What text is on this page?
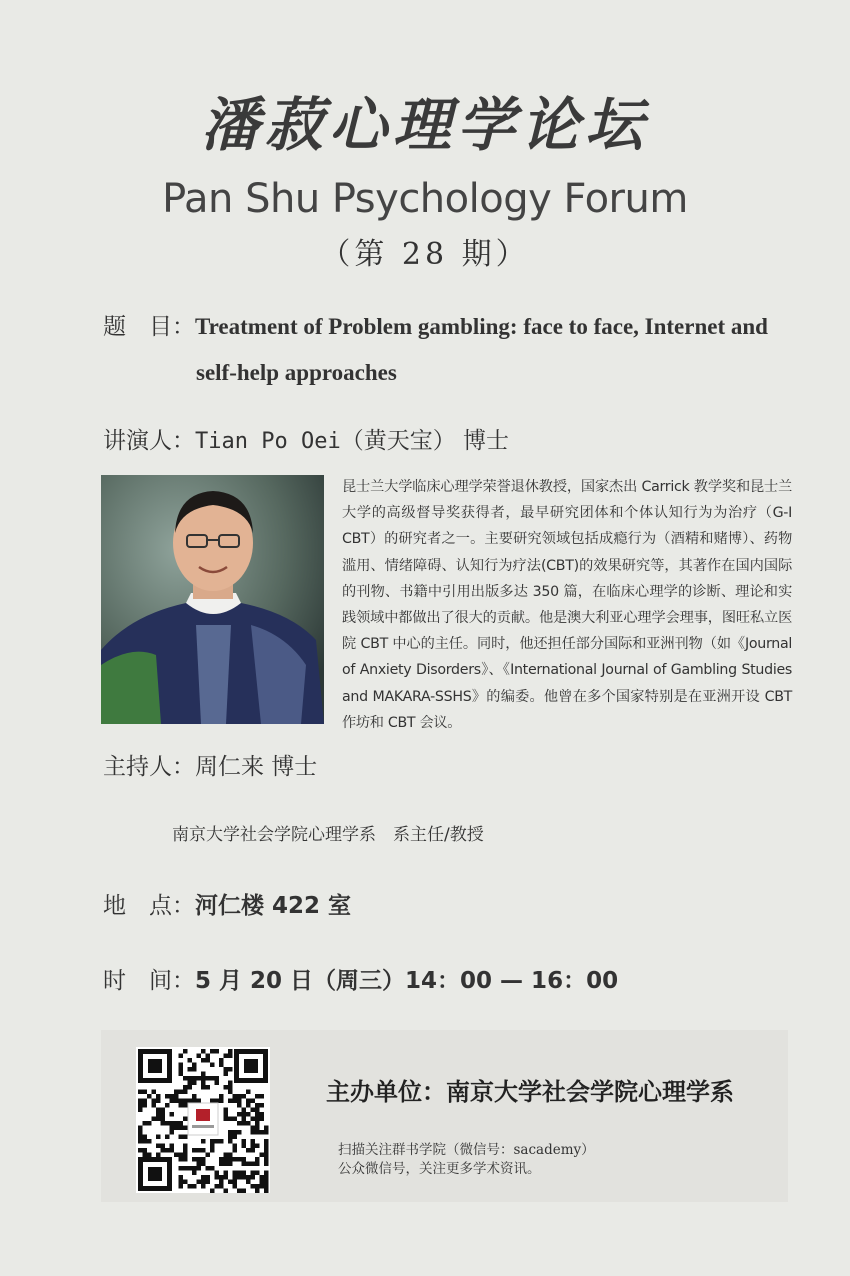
潘菽心理学论坛
Pan Shu Psychology Forum
（第 28 期）
题　目：Treatment of Problem gambling: face to face, Internet and
self-help approaches
讲演人：Tian Po Oei（黄天宝） 博士
昆士兰大学临床心理学荣誉退休教授，国家杰出 Carrick 教学奖和昆士兰大学的高级督导奖获得者，最早研究团体和个体认知行为为治疗（G-I CBT）的研究者之一。主要研究领域包括成瘾行为（酒精和赌博）、药物滥用、情绪障碍、认知行为疗法(CBT)的效果研究等，其著作在国内国际的刊物、书籍中引用出版多达 350 篇，在临床心理学的诊断、理论和实践领域中都做出了很大的贡献。他是澳大利亚心理学会理事，图旺私立医院 CBT 中心的主任。同时，他还担任部分国际和亚洲刊物（如《Journal of Anxiety Disorders》、《International Journal of Gambling Studies and MAKARA-SSHS》的编委。他曾在多个国家特别是在亚洲开设 CBT 作坊和 CBT 会议。
主持人：周仁来 博士
南京大学社会学院心理学系　系主任/教授
地　点：河仁楼 422 室
时　间：5 月 20 日（周三）14：00 — 16：00
主办单位：南京大学社会学院心理学系
扫描关注群书学院（微信号：sacademy）
公众微信号，关注更多学术资讯。
